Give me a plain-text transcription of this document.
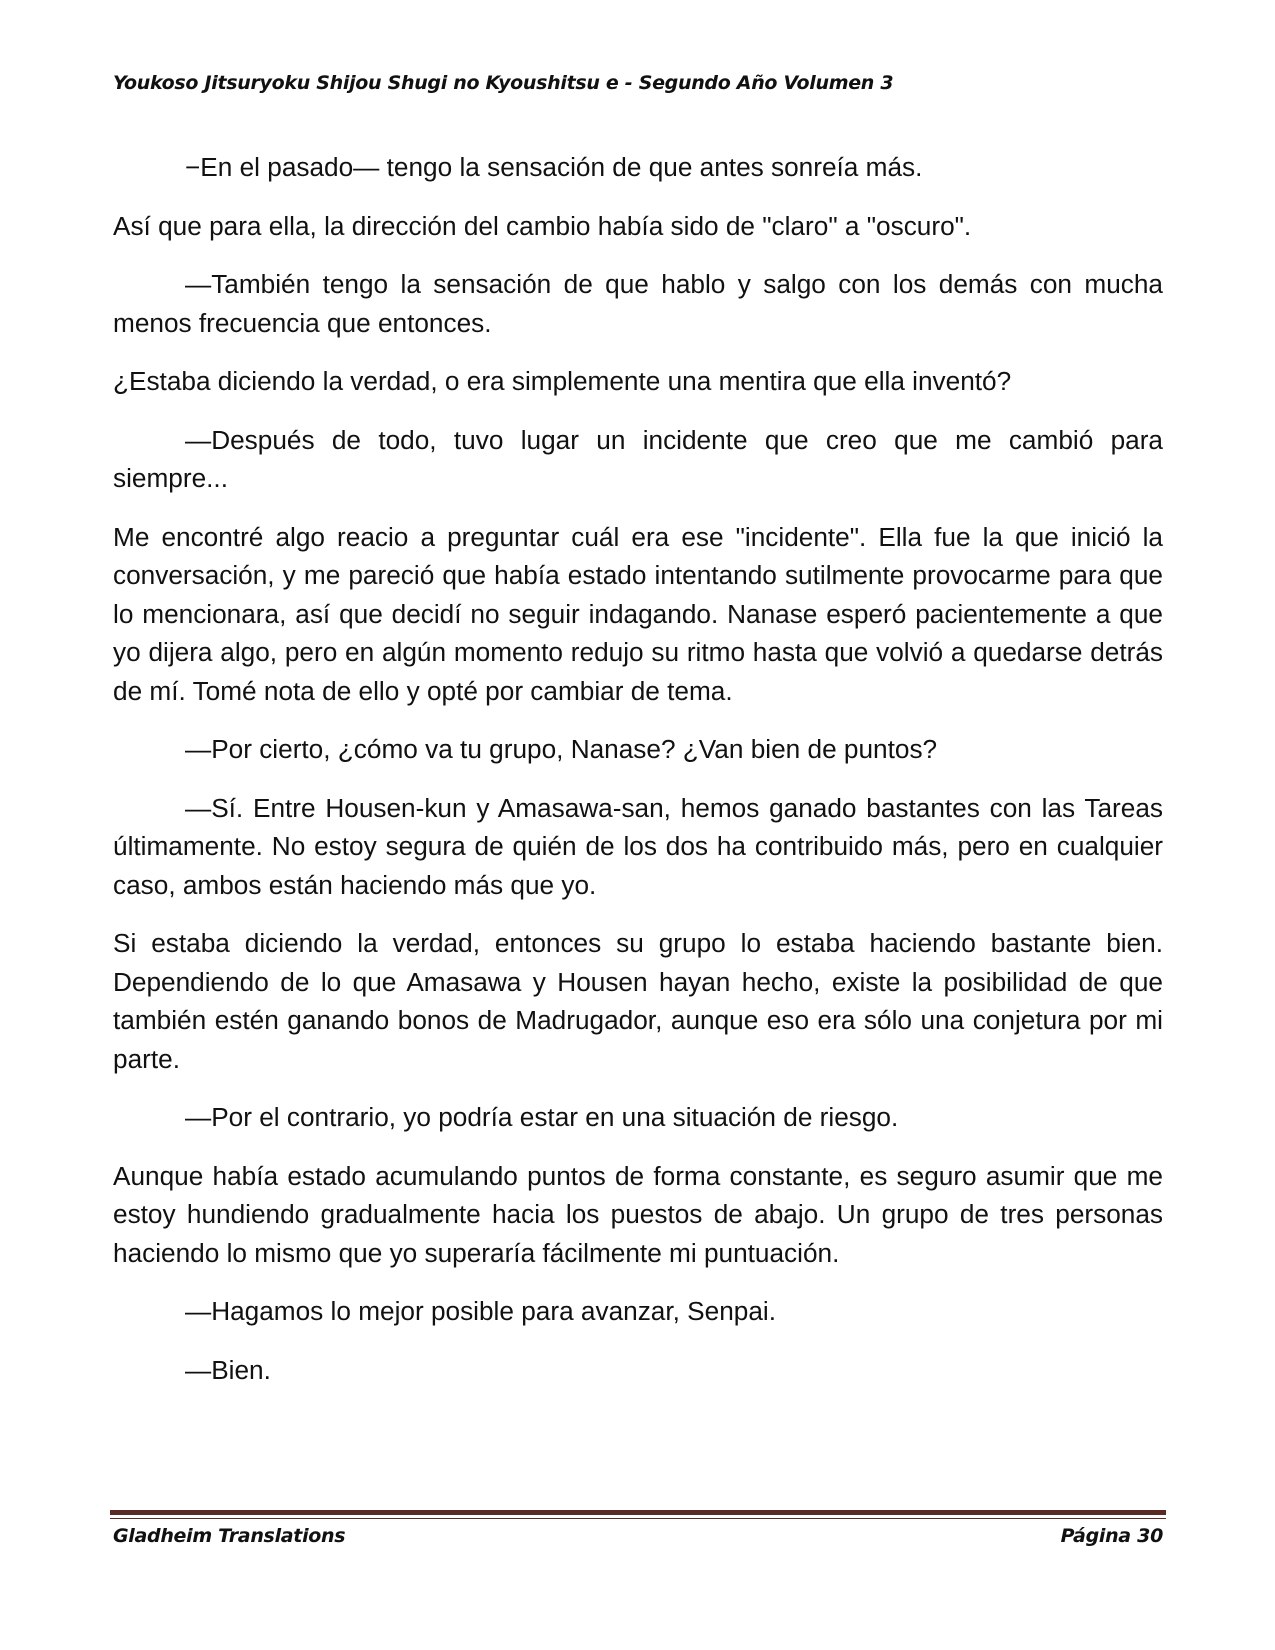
Youkoso Jitsuryoku Shijou Shugi no Kyoushitsu e - Segundo Año Volumen 3

−En el pasado— tengo la sensación de que antes sonreía más.

Así que para ella, la dirección del cambio había sido de "claro" a "oscuro".

—También tengo la sensación de que hablo y salgo con los demás con mucha menos frecuencia que entonces.

¿Estaba diciendo la verdad, o era simplemente una mentira que ella inventó?

—Después de todo, tuvo lugar un incidente que creo que me cambió para siempre...

Me encontré algo reacio a preguntar cuál era ese "incidente". Ella fue la que inició la conversación, y me pareció que había estado intentando sutilmente provocarme para que lo mencionara, así que decidí no seguir indagando. Nanase esperó pacientemente a que yo dijera algo, pero en algún momento redujo su ritmo hasta que volvió a quedarse detrás de mí. Tomé nota de ello y opté por cambiar de tema.

—Por cierto, ¿cómo va tu grupo, Nanase? ¿Van bien de puntos?

—Sí. Entre Housen-kun y Amasawa-san, hemos ganado bastantes con las Tareas últimamente. No estoy segura de quién de los dos ha contribuido más, pero en cualquier caso, ambos están haciendo más que yo.

Si estaba diciendo la verdad, entonces su grupo lo estaba haciendo bastante bien. Dependiendo de lo que Amasawa y Housen hayan hecho, existe la posibilidad de que también estén ganando bonos de Madrugador, aunque eso era sólo una conjetura por mi parte.

—Por el contrario, yo podría estar en una situación de riesgo.

Aunque había estado acumulando puntos de forma constante, es seguro asumir que me estoy hundiendo gradualmente hacia los puestos de abajo. Un grupo de tres personas haciendo lo mismo que yo superaría fácilmente mi puntuación.

—Hagamos lo mejor posible para avanzar, Senpai.

—Bien.

Gladheim Translations	Página 30
